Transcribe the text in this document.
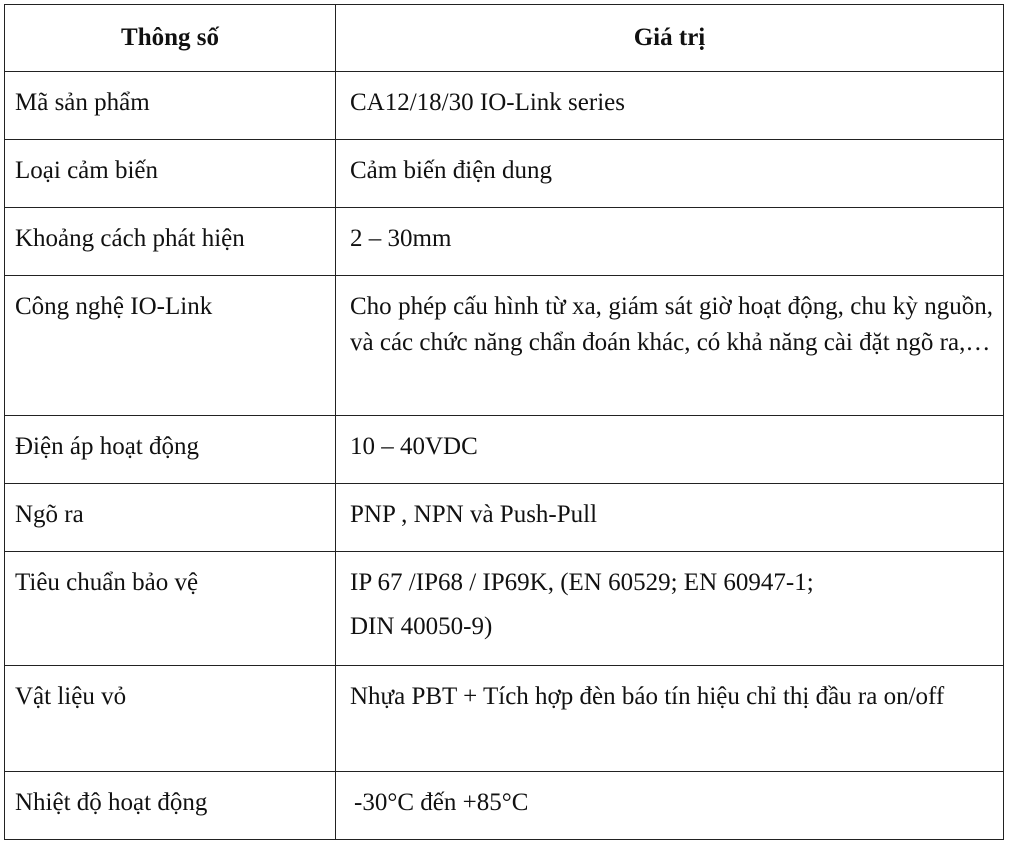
Thông số	Giá trị
Mã sản phẩm	CA12/18/30 IO-Link series
Loại cảm biến	Cảm biến điện dung
Khoảng cách phát hiện	2 – 30mm
Công nghệ IO-Link	Cho phép cấu hình từ xa, giám sát giờ hoạt động, chu kỳ nguồn, và các chức năng chẩn đoán khác, có khả năng cài đặt ngõ ra,…
Điện áp hoạt động	10 – 40VDC
Ngõ ra	PNP , NPN và Push-Pull
Tiêu chuẩn bảo vệ	IP 67 /IP68 / IP69K, (EN 60529; EN 60947-1;
DIN 40050-9)

Vật liệu vỏ	Nhựa PBT + Tích hợp đèn báo tín hiệu chỉ thị đầu ra on/off
Nhiệt độ hoạt động	-30°C đến +85°C
